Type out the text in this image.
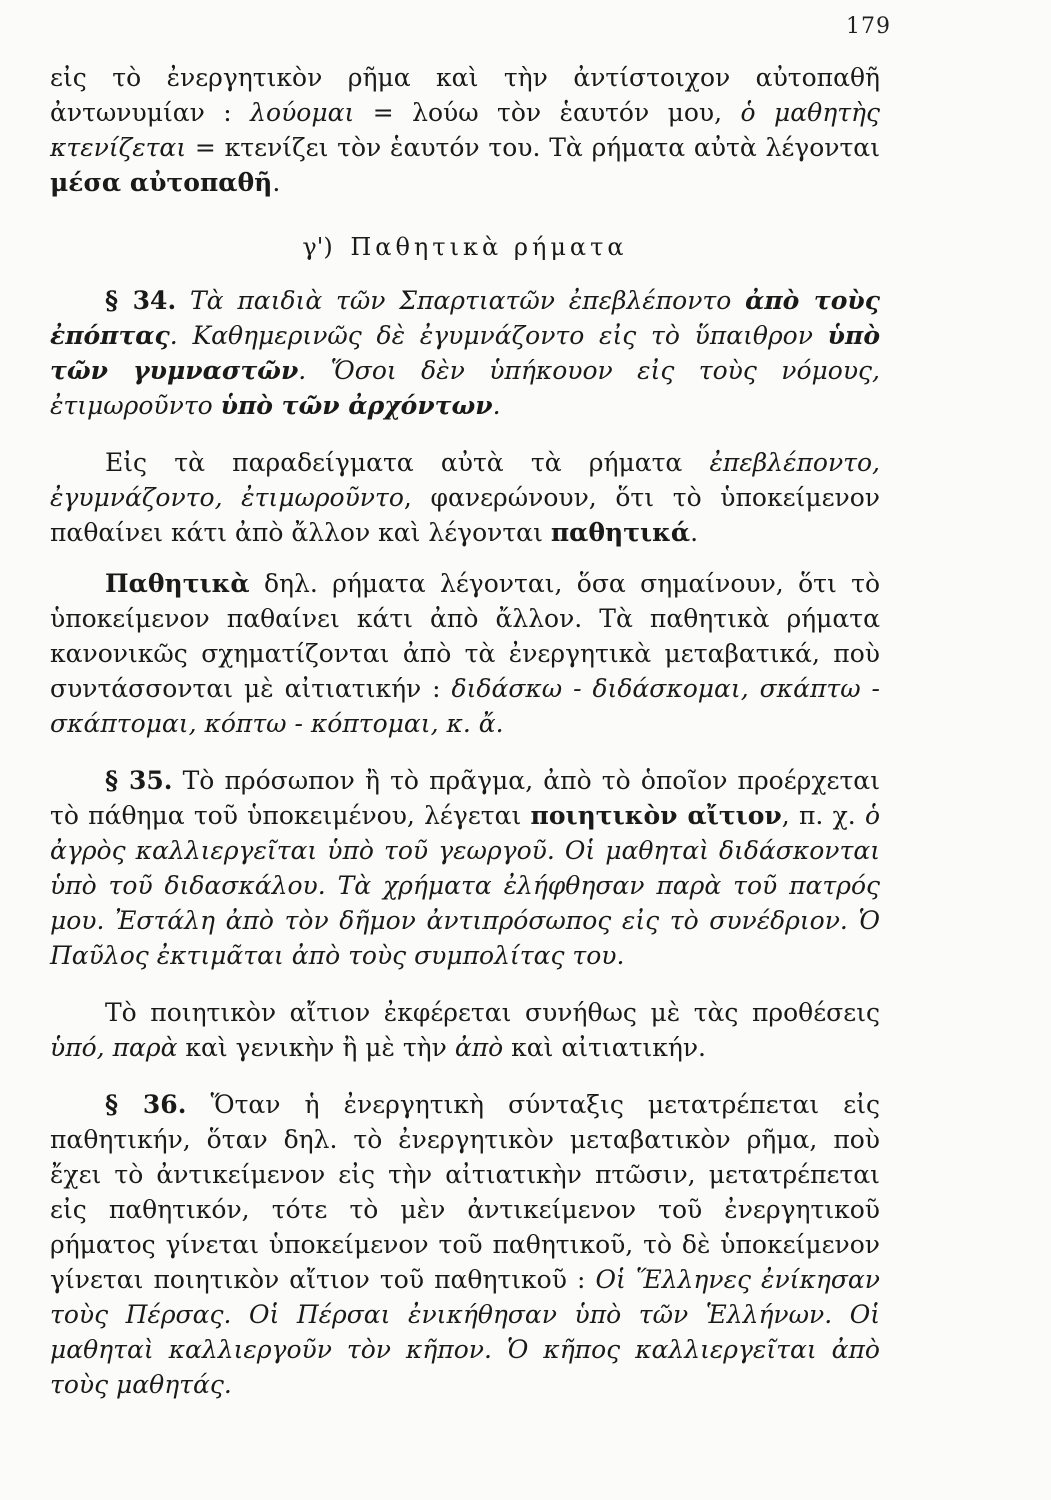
179

εἰς τὸ ἐνεργητικὸν ρῆμα καὶ τὴν ἀντίστοιχον αὐτοπαθῆ ἀντωνυμίαν : λούομαι = λούω τὸν ἑαυτόν μου, ὁ μαθητὴς κτενίζεται = κτενίζει τὸν ἑαυτόν του. Τὰ ρήματα αὐτὰ λέγονται μέσα αὐτοπαθῆ.

γ') Παθητικὰ ρήματα

§ 34. Τὰ παιδιὰ τῶν Σπαρτιατῶν ἐπεβλέποντο ἀπὸ τοὺς ἐπόπτας. Καθημερινῶς δὲ ἐγυμνάζοντο εἰς τὸ ὕπαιθρον ὑπὸ τῶν γυμναστῶν. Ὅσοι δὲν ὑπήκουον εἰς τοὺς νόμους, ἐτιμωροῦντο ὑπὸ τῶν ἀρχόντων.

Εἰς τὰ παραδείγματα αὐτὰ τὰ ρήματα ἐπεβλέποντο, ἐγυμνάζοντο, ἐτιμωροῦντο, φανερώνουν, ὅτι τὸ ὑποκείμενον παθαίνει κάτι ἀπὸ ἄλλον καὶ λέγονται παθητικά.

Παθητικὰ δηλ. ρήματα λέγονται, ὅσα σημαίνουν, ὅτι τὸ ὑποκείμενον παθαίνει κάτι ἀπὸ ἄλλον. Τὰ παθητικὰ ρήματα κανονικῶς σχηματίζονται ἀπὸ τὰ ἐνεργητικὰ μεταβατικά, ποὺ συντάσσονται μὲ αἰτιατικήν : διδάσκω - διδάσκομαι, σκάπτω - σκάπτομαι, κόπτω - κόπτομαι, κ. ἄ.

§ 35. Τὸ πρόσωπον ἢ τὸ πρᾶγμα, ἀπὸ τὸ ὁποῖον προέρχεται τὸ πάθημα τοῦ ὑποκειμένου, λέγεται ποιητικὸν αἴτιον, π. χ. ὁ ἀγρὸς καλλιεργεῖται ὑπὸ τοῦ γεωργοῦ. Οἱ μαθηταὶ διδάσκονται ὑπὸ τοῦ διδασκάλου. Τὰ χρήματα ἐλήφθησαν παρὰ τοῦ πατρός μου. Ἐστάλη ἀπὸ τὸν δῆμον ἀντιπρόσωπος εἰς τὸ συνέδριον. Ὁ Παῦλος ἐκτιμᾶται ἀπὸ τοὺς συμπολίτας του.

Τὸ ποιητικὸν αἴτιον ἐκφέρεται συνήθως μὲ τὰς προθέσεις ὑπό, παρὰ καὶ γενικὴν ἢ μὲ τὴν ἀπὸ καὶ αἰτιατικήν.

§ 36. Ὅταν ἡ ἐνεργητικὴ σύνταξις μετατρέπεται εἰς παθητικήν, ὅταν δηλ. τὸ ἐνεργητικὸν μεταβατικὸν ρῆμα, ποὺ ἔχει τὸ ἀντικείμενον εἰς τὴν αἰτιατικὴν πτῶσιν, μετατρέπεται εἰς παθητικόν, τότε τὸ μὲν ἀντικείμενον τοῦ ἐνεργητικοῦ ρήματος γίνεται ὑποκείμενον τοῦ παθητικοῦ, τὸ δὲ ὑποκείμενον γίνεται ποιητικὸν αἴτιον τοῦ παθητικοῦ : Οἱ Ἕλληνες ἐνίκησαν τοὺς Πέρσας. Οἱ Πέρσαι ἐνικήθησαν ὑπὸ τῶν Ἑλλήνων. Οἱ μαθηταὶ καλλιεργοῦν τὸν κῆπον. Ὁ κῆπος καλλιεργεῖται ἀπὸ τοὺς μαθητάς.
